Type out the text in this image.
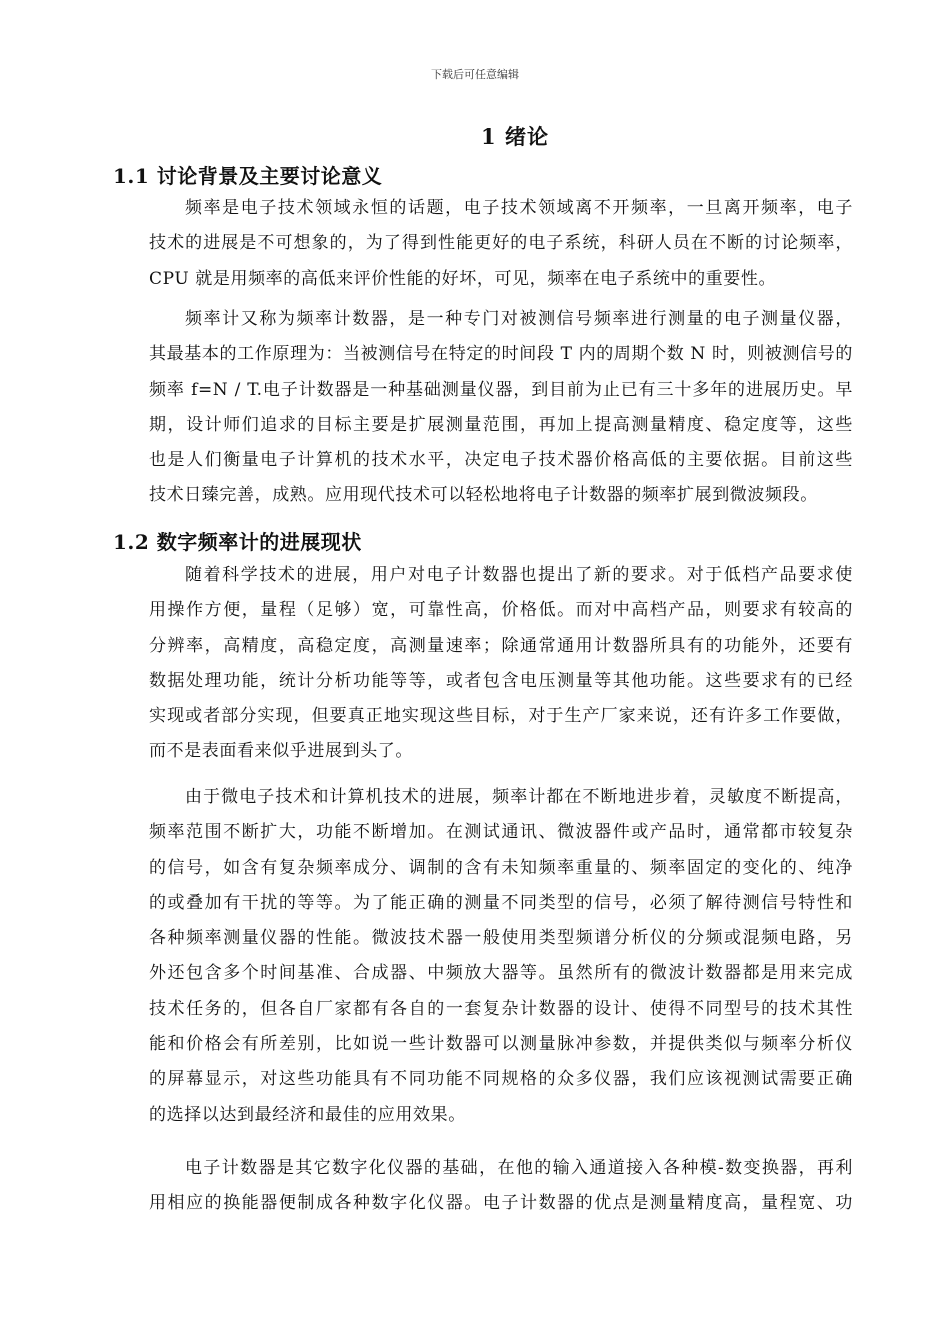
下载后可任意编辑
1 绪论
1.1 讨论背景及主要讨论意义
频率是电子技术领域永恒的话题，电子技术领域离不开频率，一旦离开频率，电子
技术的进展是不可想象的，为了得到性能更好的电子系统，科研人员在不断的讨论频率，
CPU 就是用频率的高低来评价性能的好坏，可见，频率在电子系统中的重要性。
频率计又称为频率计数器，是一种专门对被测信号频率进行测量的电子测量仪器，
其最基本的工作原理为：当被测信号在特定的时间段 T 内的周期个数 N 时，则被测信号的
频率 f=N / T.电子计数器是一种基础测量仪器，到目前为止已有三十多年的进展历史。早
期，设计师们追求的目标主要是扩展测量范围，再加上提高测量精度、稳定度等，这些
也是人们衡量电子计算机的技术水平，决定电子技术器价格高低的主要依据。目前这些
技术日臻完善，成熟。应用现代技术可以轻松地将电子计数器的频率扩展到微波频段。
1.2 数字频率计的进展现状
随着科学技术的进展，用户对电子计数器也提出了新的要求。对于低档产品要求使
用操作方便，量程（足够）宽，可靠性高，价格低。而对中高档产品，则要求有较高的
分辨率，高精度，高稳定度，高测量速率；除通常通用计数器所具有的功能外，还要有
数据处理功能，统计分析功能等等，或者包含电压测量等其他功能。这些要求有的已经
实现或者部分实现，但要真正地实现这些目标，对于生产厂家来说，还有许多工作要做，
而不是表面看来似乎进展到头了。
由于微电子技术和计算机技术的进展，频率计都在不断地进步着，灵敏度不断提高，
频率范围不断扩大，功能不断增加。在测试通讯、微波器件或产品时，通常都市较复杂
的信号，如含有复杂频率成分、调制的含有未知频率重量的、频率固定的变化的、纯净
的或叠加有干扰的等等。为了能正确的测量不同类型的信号，必须了解待测信号特性和
各种频率测量仪器的性能。微波技术器一般使用类型频谱分析仪的分频或混频电路，另
外还包含多个时间基准、合成器、中频放大器等。虽然所有的微波计数器都是用来完成
技术任务的，但各自厂家都有各自的一套复杂计数器的设计、使得不同型号的技术其性
能和价格会有所差别，比如说一些计数器可以测量脉冲参数，并提供类似与频率分析仪
的屏幕显示，对这些功能具有不同功能不同规格的众多仪器，我们应该视测试需要正确
的选择以达到最经济和最佳的应用效果。
电子计数器是其它数字化仪器的基础，在他的输入通道接入各种模-数变换器，再利
用相应的换能器便制成各种数字化仪器。电子计数器的优点是测量精度高，量程宽、功
